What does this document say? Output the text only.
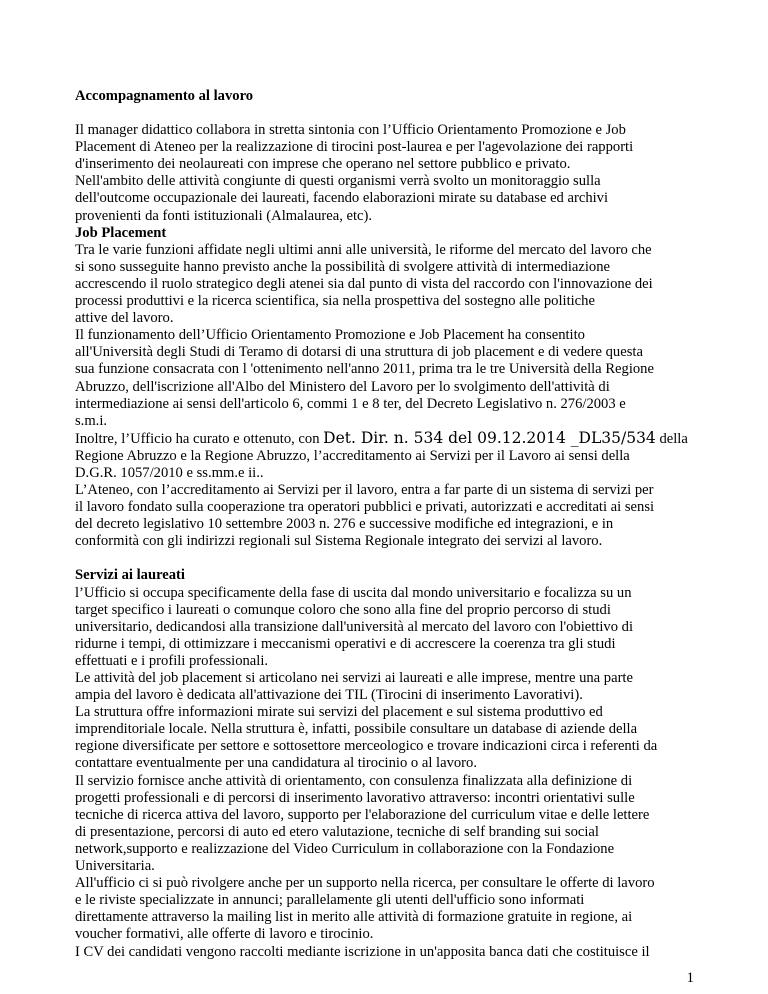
Accompagnamento al lavoro

Il manager didattico collabora in stretta sintonia con l’Ufficio Orientamento Promozione e Job

Placement di Ateneo per la realizzazione di tirocini post-laurea e per l'agevolazione dei rapporti

d'inserimento dei neolaureati con imprese che operano nel settore pubblico e privato.

Nell'ambito delle attività congiunte di questi organismi verrà svolto un monitoraggio sulla

dell'outcome occupazionale dei laureati, facendo elaborazioni mirate su database ed archivi

provenienti da fonti istituzionali (Almalaurea, etc).

Job Placement

Tra le varie funzioni affidate negli ultimi anni alle università, le riforme del mercato del lavoro che

si sono susseguite hanno previsto anche la possibilità di svolgere attività di intermediazione

accrescendo il ruolo strategico degli atenei sia dal punto di vista del raccordo con l'innovazione dei

processi produttivi e la ricerca scientifica, sia nella prospettiva del sostegno alle politiche

attive del lavoro.

Il funzionamento dell’Ufficio Orientamento Promozione e Job Placement ha consentito

all'Università degli Studi di Teramo di dotarsi di una struttura di job placement e di vedere questa

sua funzione consacrata con l 'ottenimento nell'anno 2011, prima tra le tre Università della Regione

Abruzzo, dell'iscrizione all'Albo del Ministero del Lavoro per lo svolgimento dell'attività di

intermediazione ai sensi dell'articolo 6, commi 1 e 8 ter, del Decreto Legislativo n. 276/2003 e

s.m.i.

Inoltre, l’Ufficio ha curato e ottenuto, con Det. Dir. n. 534 del 09.12.2014 _DL35/534 della

Regione Abruzzo e la Regione Abruzzo, l’accreditamento ai Servizi per il Lavoro ai sensi della

D.G.R. 1057/2010 e ss.mm.e ii..

L’Ateneo, con l’accreditamento ai Servizi per il lavoro, entra a far parte di un sistema di servizi per

il lavoro fondato sulla cooperazione tra operatori pubblici e privati, autorizzati e accreditati ai sensi

del decreto legislativo 10 settembre 2003 n. 276 e successive modifiche ed integrazioni, e in

conformità con gli indirizzi regionali sul Sistema Regionale integrato dei servizi al lavoro.

Servizi ai laureati

l’Ufficio si occupa specificamente della fase di uscita dal mondo universitario e focalizza su un

target specifico i laureati o comunque coloro che sono alla fine del proprio percorso di studi

universitario, dedicandosi alla transizione dall'università al mercato del lavoro con l'obiettivo di

ridurne i tempi, di ottimizzare i meccanismi operativi e di accrescere la coerenza tra gli studi

effettuati e i profili professionali.

Le attività del job placement si articolano nei servizi ai laureati e alle imprese, mentre una parte

ampia del lavoro è dedicata all'attivazione dei TIL (Tirocini di inserimento Lavorativi).

La struttura offre informazioni mirate sui servizi del placement e sul sistema produttivo ed

imprenditoriale locale. Nella struttura è, infatti, possibile consultare un database di aziende della

regione diversificate per settore e sottosettore merceologico e trovare indicazioni circa i referenti da

contattare eventualmente per una candidatura al tirocinio o al lavoro.

Il servizio fornisce anche attività di orientamento, con consulenza finalizzata alla definizione di

progetti professionali e di percorsi di inserimento lavorativo attraverso: incontri orientativi sulle

tecniche di ricerca attiva del lavoro, supporto per l'elaborazione del curriculum vitae e delle lettere

di presentazione, percorsi di auto ed etero valutazione, tecniche di self branding sui social

network,supporto e realizzazione del Video Curriculum in collaborazione con la Fondazione

Universitaria.

All'ufficio ci si può rivolgere anche per un supporto nella ricerca, per consultare le offerte di lavoro

e le riviste specializzate in annunci; parallelamente gli utenti dell'ufficio sono informati

direttamente attraverso la mailing list in merito alle attività di formazione gratuite in regione, ai

voucher formativi, alle offerte di lavoro e tirocinio.

I CV dei candidati vengono raccolti mediante iscrizione in un'apposita banca dati che costituisce il

1
